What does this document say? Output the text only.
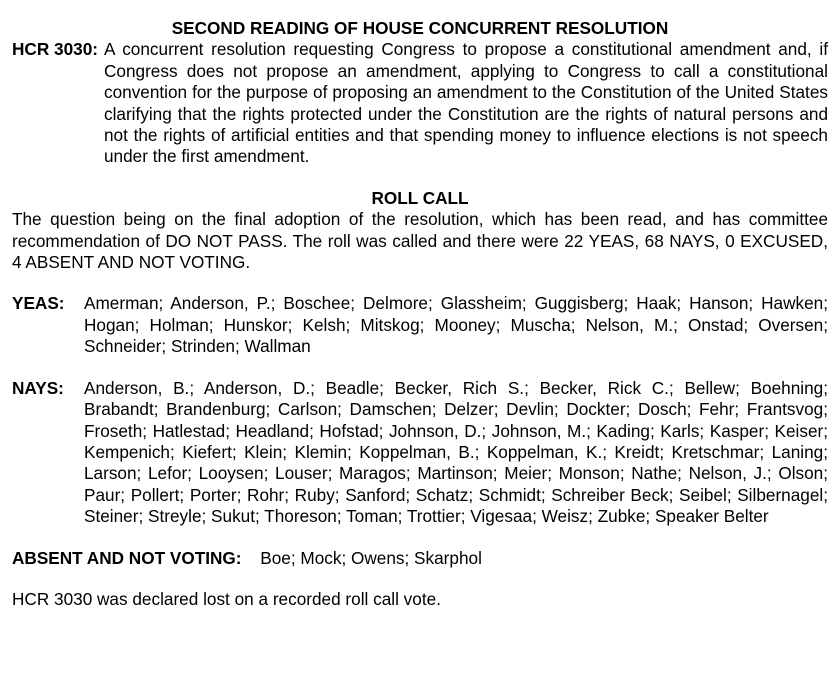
SECOND READING OF HOUSE CONCURRENT RESOLUTION
HCR 3030: A concurrent resolution requesting Congress to propose a constitutional amendment and, if Congress does not propose an amendment, applying to Congress to call a constitutional convention for the purpose of proposing an amendment to the Constitution of the United States clarifying that the rights protected under the Constitution are the rights of natural persons and not the rights of artificial entities and that spending money to influence elections is not speech under the first amendment.
ROLL CALL

The question being on the final adoption of the resolution, which has been read, and has committee recommendation of DO NOT PASS. The roll was called and there were 22 YEAS, 68 NAYS, 0 EXCUSED, 4 ABSENT AND NOT VOTING.

YEAS:	Amerman; Anderson, P.; Boschee; Delmore; Glassheim; Guggisberg; Haak; Hanson; Hawken; Hogan; Holman; Hunskor; Kelsh; Mitskog; Mooney; Muscha; Nelson, M.; Onstad; Oversen; Schneider; Strinden; Wallman
NAYS:	Anderson, B.; Anderson, D.; Beadle; Becker, Rich S.; Becker, Rick C.; Bellew; Boehning; Brabandt; Brandenburg; Carlson; Damschen; Delzer; Devlin; Dockter; Dosch; Fehr; Frantsvog; Froseth; Hatlestad; Headland; Hofstad; Johnson, D.; Johnson, M.; Kading; Karls; Kasper; Keiser; Kempenich; Kiefert; Klein; Klemin; Koppelman, B.; Koppelman, K.; Kreidt; Kretschmar; Laning; Larson; Lefor; Looysen; Louser; Maragos; Martinson; Meier; Monson; Nathe; Nelson, J.; Olson; Paur; Pollert; Porter; Rohr; Ruby; Sanford; Schatz; Schmidt; Schreiber Beck; Seibel; Silbernagel; Steiner; Streyle; Sukut; Thoreson; Toman; Trottier; Vigesaa; Weisz; Zubke; Speaker Belter
ABSENT AND NOT VOTING: Boe; Mock; Owens; Skarphol
HCR 3030 was declared lost on a recorded roll call vote.
